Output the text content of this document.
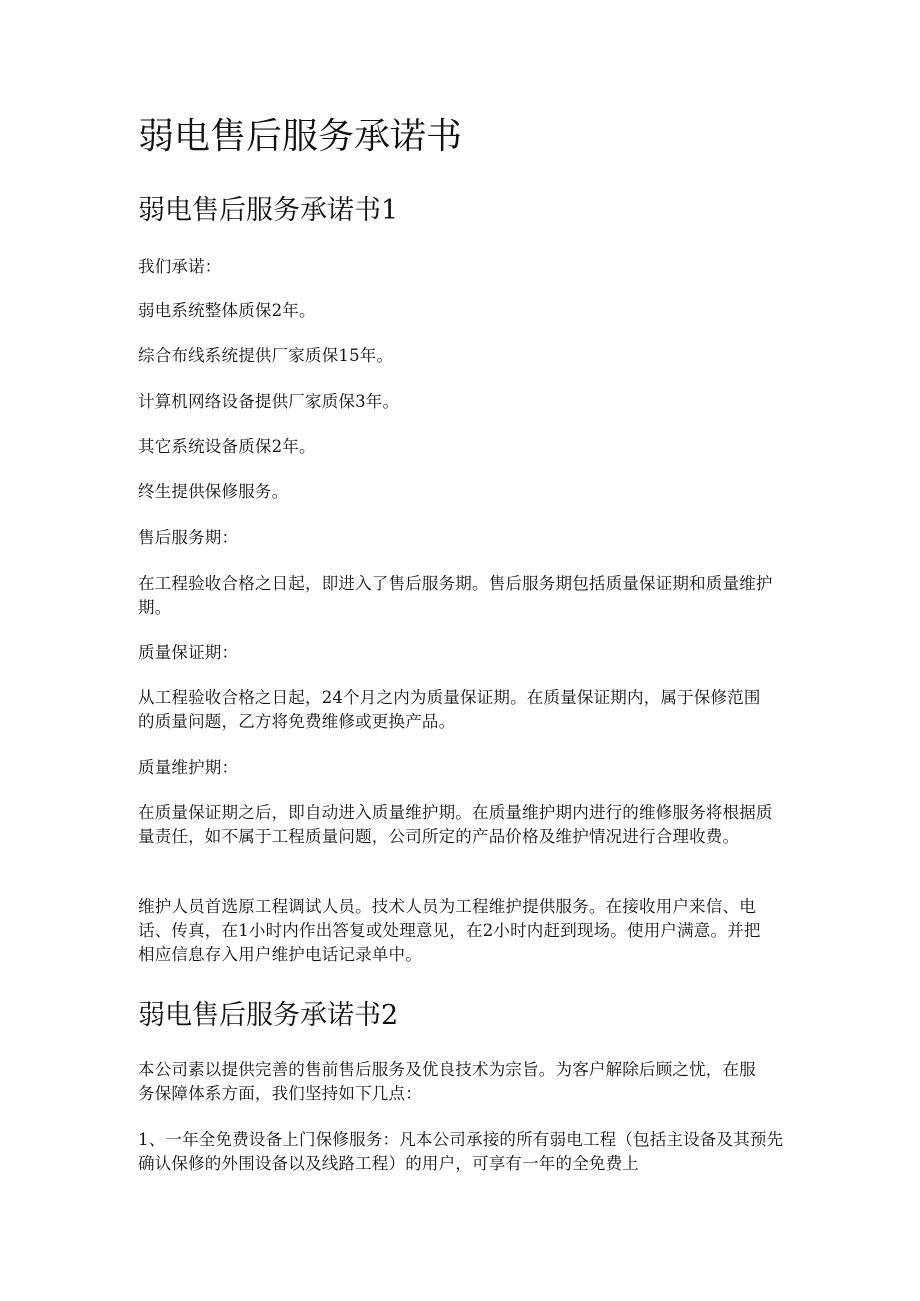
弱电售后服务承诺书
弱电售后服务承诺书1

我们承诺：

弱电系统整体质保2年。

综合布线系统提供厂家质保15年。

计算机网络设备提供厂家质保3年。

其它系统设备质保2年。

终生提供保修服务。

售后服务期：

在工程验收合格之日起，即进入了售后服务期。售后服务期包括质量保证期和质量维护期。

质量保证期：

从工程验收合格之日起，24个月之内为质量保证期。在质量保证期内，属于保修范围的质量问题，乙方将免费维修或更换产品。

质量维护期：

在质量保证期之后，即自动进入质量维护期。在质量维护期内进行的维修服务将根据质量责任，如不属于工程质量问题，公司所定的产品价格及维护情况进行合理收费。

维护人员首选原工程调试人员。技术人员为工程维护提供服务。在接收用户来信、电话、传真，在1小时内作出答复或处理意见，在2小时内赶到现场。使用户满意。并把相应信息存入用户维护电话记录单中。

弱电售后服务承诺书2

本公司素以提供完善的售前售后服务及优良技术为宗旨。为客户解除后顾之忧，在服务保障体系方面，我们坚持如下几点：

1、一年全免费设备上门保修服务：凡本公司承接的所有弱电工程（包括主设备及其预先确认保修的外围设备以及线路工程）的用户，可享有一年的全免费上
